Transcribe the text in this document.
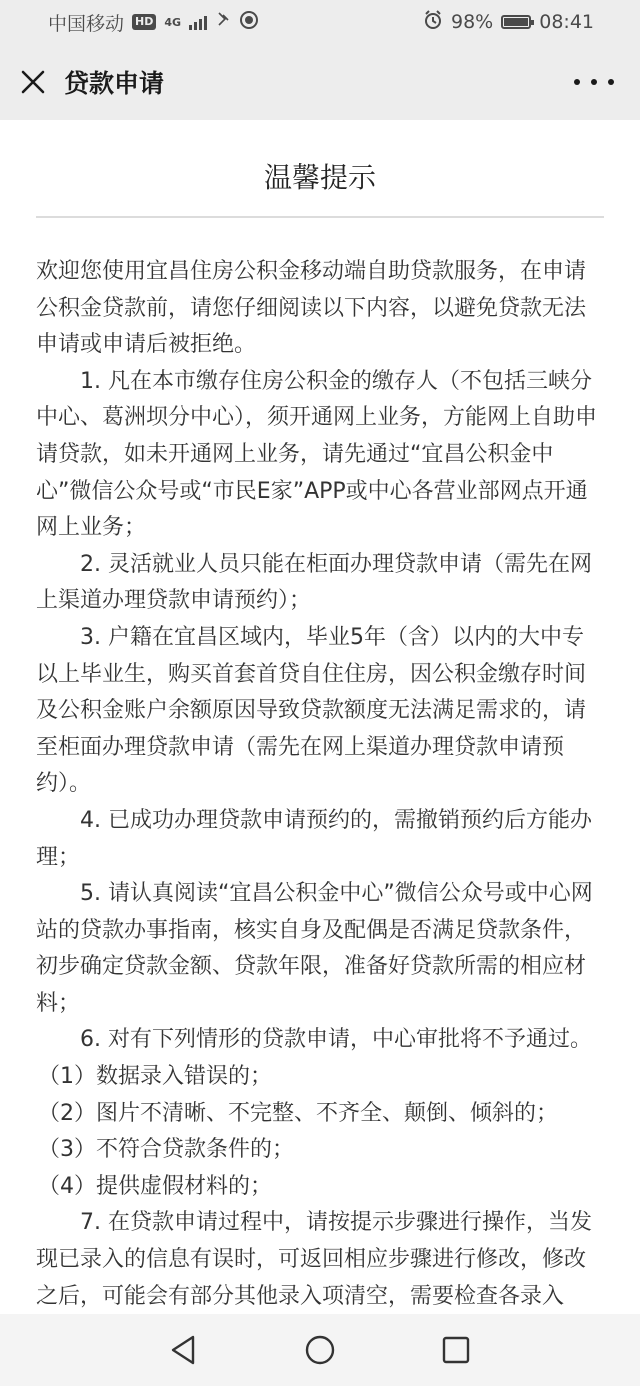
中国移动 HD 4G	98% 08:41
贷款申请
温馨提示

欢迎您使用宜昌住房公积金移动端自助贷款服务，在申请公积金贷款前，请您仔细阅读以下内容，以避免贷款无法申请或申请后被拒绝。

1. 凡在本市缴存住房公积金的缴存人（不包括三峡分中心、葛洲坝分中心），须开通网上业务，方能网上自助申请贷款，如未开通网上业务，请先通过“宜昌公积金中心”微信公众号或“市民E家”APP或中心各营业部网点开通网上业务；

2. 灵活就业人员只能在柜面办理贷款申请（需先在网上渠道办理贷款申请预约）；

3. 户籍在宜昌区域内，毕业5年（含）以内的大中专以上毕业生，购买首套首贷自住住房，因公积金缴存时间及公积金账户余额原因导致贷款额度无法满足需求的，请至柜面办理贷款申请（需先在网上渠道办理贷款申请预约）。

4. 已成功办理贷款申请预约的，需撤销预约后方能办理；

5. 请认真阅读“宜昌公积金中心”微信公众号或中心网站的贷款办事指南，核实自身及配偶是否满足贷款条件，初步确定贷款金额、贷款年限，准备好贷款所需的相应材料；

6. 对有下列情形的贷款申请，中心审批将不予通过。

（1）数据录入错误的；

（2）图片不清晰、不完整、不齐全、颠倒、倾斜的；

（3）不符合贷款条件的；

（4）提供虚假材料的；

7. 在贷款申请过程中，请按提示步骤进行操作，当发现已录入的信息有误时，可返回相应步骤进行修改，修改之后，可能会有部分其他录入项清空，需要检查各录入
